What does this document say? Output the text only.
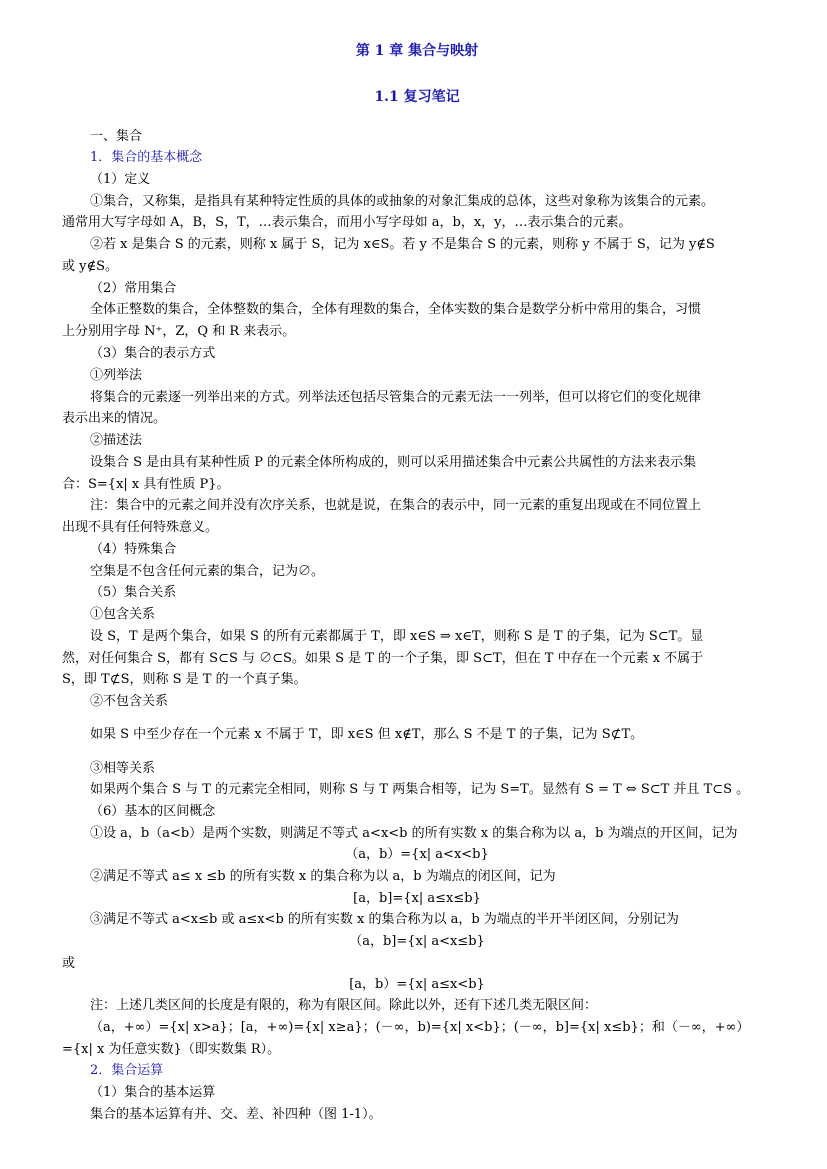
第 1 章 集合与映射
1.1 复习笔记
一、集合
1．集合的基本概念
（1）定义
①集合，又称集，是指具有某种特定性质的具体的或抽象的对象汇集成的总体，这些对象称为该集合的元素。
通常用大写字母如 A，B，S，T，…表示集合，而用小写字母如 a，b，x，y，…表示集合的元素。
②若 x 是集合 S 的元素，则称 x 属于 S，记为 x∈S。若 y 不是集合 S 的元素，则称 y 不属于 S，记为 y∉S
或 y∉S。
（2）常用集合
全体正整数的集合，全体整数的集合，全体有理数的集合，全体实数的集合是数学分析中常用的集合，习惯
上分别用字母 N⁺，Z，Q 和 R 来表示。
（3）集合的表示方式
①列举法
将集合的元素逐一列举出来的方式。列举法还包括尽管集合的元素无法一一列举，但可以将它们的变化规律
表示出来的情况。
②描述法
设集合 S 是由具有某种性质 P 的元素全体所构成的，则可以采用描述集合中元素公共属性的方法来表示集
合：S={x| x 具有性质 P}。
注：集合中的元素之间并没有次序关系，也就是说，在集合的表示中，同一元素的重复出现或在不同位置上
出现不具有任何特殊意义。
（4）特殊集合
空集是不包含任何元素的集合，记为∅。
（5）集合关系
①包含关系
设 S，T 是两个集合，如果 S 的所有元素都属于 T，即 x∈S ⇒ x∈T，则称 S 是 T 的子集，记为 S⊂T。显
然，对任何集合 S，都有 S⊂S 与 ∅⊂S。如果 S 是 T 的一个子集，即 S⊂T，但在 T 中存在一个元素 x 不属于
S，即 T⊄S，则称 S 是 T 的一个真子集。
②不包含关系
如果 S 中至少存在一个元素 x 不属于 T，即 x∈S 但 x∉T，那么 S 不是 T 的子集，记为 S⊄T。
③相等关系
如果两个集合 S 与 T 的元素完全相同，则称 S 与 T 两集合相等，记为 S=T。显然有 S = T ⇔ S⊂T 并且 T⊂S 。
（6）基本的区间概念
①设 a，b（a<b）是两个实数，则满足不等式 a<x<b 的所有实数 x 的集合称为以 a，b 为端点的开区间，记为
（a，b）={x| a<x<b}
②满足不等式 a≤ x ≤b 的所有实数 x 的集合称为以 a，b 为端点的闭区间，记为
[a，b]={x| a≤x≤b}
③满足不等式 a<x≤b 或 a≤x<b 的所有实数 x 的集合称为以 a，b 为端点的半开半闭区间，分别记为
（a，b]={x| a<x≤b}
或
[a，b）={x| a≤x<b}
注：上述几类区间的长度是有限的，称为有限区间。除此以外，还有下述几类无限区间：
（a，+∞）={x| x>a}；[a，+∞)={x| x≥a}；(－∞，b)={x| x<b}；(－∞，b]={x| x≤b}；和（－∞，+∞）
={x| x 为任意实数}（即实数集 R）。
2．集合运算
（1）集合的基本运算
集合的基本运算有并、交、差、补四种（图 1-1）。
